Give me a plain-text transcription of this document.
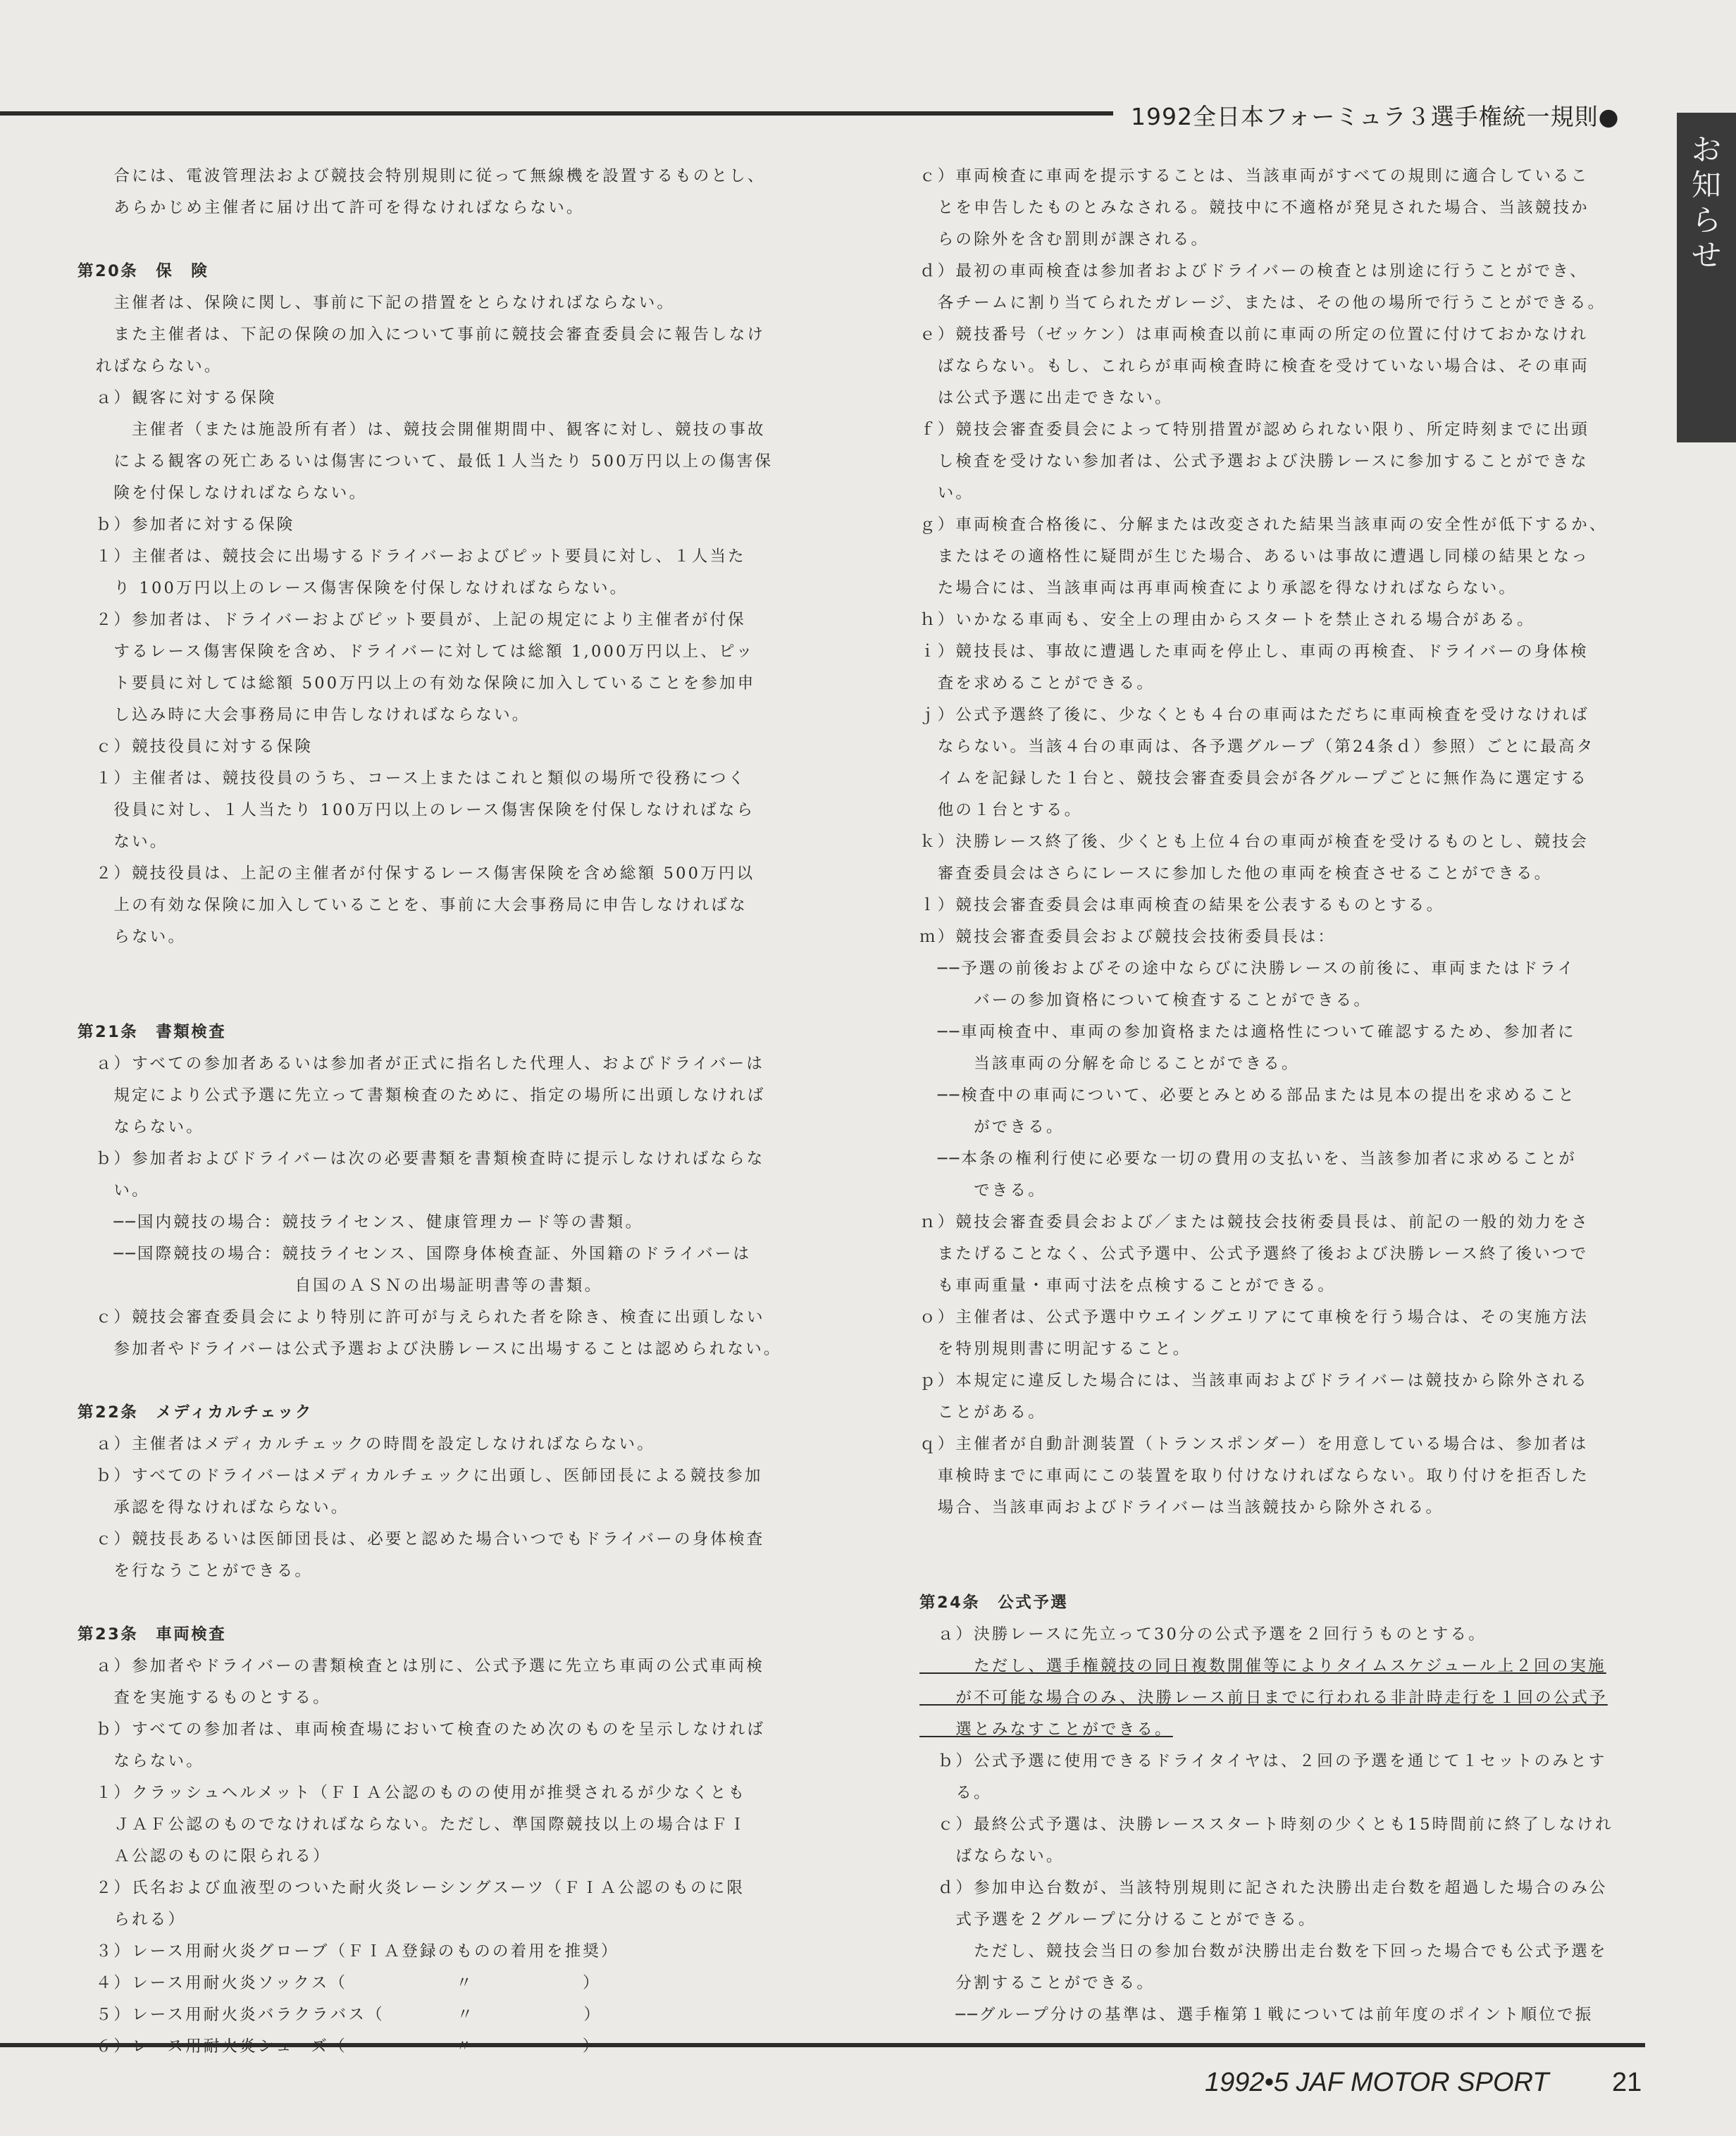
1992全日本フォーミュラ３選手権統一規則●
お知らせ
　　合には、電波管理法および競技会特別規則に従って無線機を設置するものとし、
　　あらかじめ主催者に届け出て許可を得なければならない。
第20条　保　険
　　主催者は、保険に関し、事前に下記の措置をとらなければならない。
　　また主催者は、下記の保険の加入について事前に競技会審査委員会に報告しなけ
　ればならない。
　ａ）観客に対する保険
　　　主催者（または施設所有者）は、競技会開催期間中、観客に対し、競技の事故
　　による観客の死亡あるいは傷害について、最低１人当たり 500万円以上の傷害保
　　険を付保しなければならない。
　ｂ）参加者に対する保険
　１）主催者は、競技会に出場するドライバーおよびピット要員に対し、１人当た
　　り 100万円以上のレース傷害保険を付保しなければならない。
　２）参加者は、ドライバーおよびピット要員が、上記の規定により主催者が付保
　　するレース傷害保険を含め、ドライバーに対しては総額 1,000万円以上、ピッ
　　ト要員に対しては総額 500万円以上の有効な保険に加入していることを参加申
　　し込み時に大会事務局に申告しなければならない。
　ｃ）競技役員に対する保険
　１）主催者は、競技役員のうち、コース上またはこれと類似の場所で役務につく
　　役員に対し、１人当たり 100万円以上のレース傷害保険を付保しなければなら
　　ない。
　２）競技役員は、上記の主催者が付保するレース傷害保険を含め総額 500万円以
　　上の有効な保険に加入していることを、事前に大会事務局に申告しなければな
　　らない。
第21条　書類検査
　ａ）すべての参加者あるいは参加者が正式に指名した代理人、およびドライバーは
　　規定により公式予選に先立って書類検査のために、指定の場所に出頭しなければ
　　ならない。
　ｂ）参加者およびドライバーは次の必要書類を書類検査時に提示しなければならな
　　い。
　　──国内競技の場合：競技ライセンス、健康管理カード等の書類。
　　──国際競技の場合：競技ライセンス、国際身体検査証、外国籍のドライバーは
　　　　　　　　　　　　自国のＡＳＮの出場証明書等の書類。
　ｃ）競技会審査委員会により特別に許可が与えられた者を除き、検査に出頭しない
　　参加者やドライバーは公式予選および決勝レースに出場することは認められない。
第22条　メディカルチェック
　ａ）主催者はメディカルチェックの時間を設定しなければならない。
　ｂ）すべてのドライバーはメディカルチェックに出頭し、医師団長による競技参加
　　承認を得なければならない。
　ｃ）競技長あるいは医師団長は、必要と認めた場合いつでもドライバーの身体検査
　　を行なうことができる。
第23条　車両検査
　ａ）参加者やドライバーの書類検査とは別に、公式予選に先立ち車両の公式車両検
　　査を実施するものとする。
　ｂ）すべての参加者は、車両検査場において検査のため次のものを呈示しなければ
　　ならない。
　１）クラッシュヘルメット（ＦＩＡ公認のものの使用が推奨されるが少なくとも
　　ＪＡＦ公認のものでなければならない。ただし、準国際競技以上の場合はＦＩ
　　Ａ公認のものに限られる）
　２）氏名および血液型のついた耐火炎レーシングスーツ（ＦＩＡ公認のものに限
　　られる）
　３）レース用耐火炎グローブ（ＦＩＡ登録のものの着用を推奨）
　４）レース用耐火炎ソックス（　　　　　　〃　　　　　　）
　５）レース用耐火炎バラクラバス（　　　　〃　　　　　　）
ｃ）車両検査に車両を提示することは、当該車両がすべての規則に適合しているこ
　とを申告したものとみなされる。競技中に不適格が発見された場合、当該競技か
　らの除外を含む罰則が課される。
ｄ）最初の車両検査は参加者およびドライバーの検査とは別途に行うことができ、
　各チームに割り当てられたガレージ、または、その他の場所で行うことができる。
ｅ）競技番号（ゼッケン）は車両検査以前に車両の所定の位置に付けておかなけれ
　ばならない。もし、これらが車両検査時に検査を受けていない場合は、その車両
　は公式予選に出走できない。
ｆ）競技会審査委員会によって特別措置が認められない限り、所定時刻までに出頭
　し検査を受けない参加者は、公式予選および決勝レースに参加することができな
　い。
ｇ）車両検査合格後に、分解または改変された結果当該車両の安全性が低下するか、
　またはその適格性に疑問が生じた場合、あるいは事故に遭遇し同様の結果となっ
　た場合には、当該車両は再車両検査により承認を得なければならない。
ｈ）いかなる車両も、安全上の理由からスタートを禁止される場合がある。
ｉ）競技長は、事故に遭遇した車両を停止し、車両の再検査、ドライバーの身体検
　査を求めることができる。
ｊ）公式予選終了後に、少なくとも４台の車両はただちに車両検査を受けなければ
　ならない。当該４台の車両は、各予選グループ（第24条ｄ）参照）ごとに最高タ
　イムを記録した１台と、競技会審査委員会が各グループごとに無作為に選定する
　他の１台とする。
ｋ）決勝レース終了後、少くとも上位４台の車両が検査を受けるものとし、競技会
　審査委員会はさらにレースに参加した他の車両を検査させることができる。
ｌ）競技会審査委員会は車両検査の結果を公表するものとする。
ｍ）競技会審査委員会および競技会技術委員長は：
　──予選の前後およびその途中ならびに決勝レースの前後に、車両またはドライ
　　　バーの参加資格について検査することができる。
　──車両検査中、車両の参加資格または適格性について確認するため、参加者に
　　　当該車両の分解を命じることができる。
　──検査中の車両について、必要とみとめる部品または見本の提出を求めること
　　　ができる。
　──本条の権利行使に必要な一切の費用の支払いを、当該参加者に求めることが
　　　できる。
ｎ）競技会審査委員会および／または競技会技術委員長は、前記の一般的効力をさ
　またげることなく、公式予選中、公式予選終了後および決勝レース終了後いつで
　も車両重量・車両寸法を点検することができる。
ｏ）主催者は、公式予選中ウエイングエリアにて車検を行う場合は、その実施方法
　を特別規則書に明記すること。
ｐ）本規定に違反した場合には、当該車両およびドライバーは競技から除外される
　ことがある。
ｑ）主催者が自動計測装置（トランスポンダー）を用意している場合は、参加者は
　車検時までに車両にこの装置を取り付けなければならない。取り付けを拒否した
　場合、当該車両およびドライバーは当該競技から除外される。
第24条　公式予選
　ａ）決勝レースに先立って30分の公式予選を２回行うものとする。
　　　ただし、選手権競技の同日複数開催等によりタイムスケジュール上２回の実施
　　が不可能な場合のみ、決勝レース前日までに行われる非計時走行を１回の公式予
　　選とみなすことができる。
　ｂ）公式予選に使用できるドライタイヤは、２回の予選を通じて１セットのみとす
　　る。
　ｃ）最終公式予選は、決勝レーススタート時刻の少くとも15時間前に終了しなけれ
　　ばならない。
　ｄ）参加申込台数が、当該特別規則に記された決勝出走台数を超過した場合のみ公
　　式予選を２グループに分けることができる。
　　　ただし、競技会当日の参加台数が決勝出走台数を下回った場合でも公式予選を
　　分割することができる。
　　──グループ分けの基準は、選手権第１戦については前年度のポイント順位で振
1992•5 JAF MOTOR SPORT 21
